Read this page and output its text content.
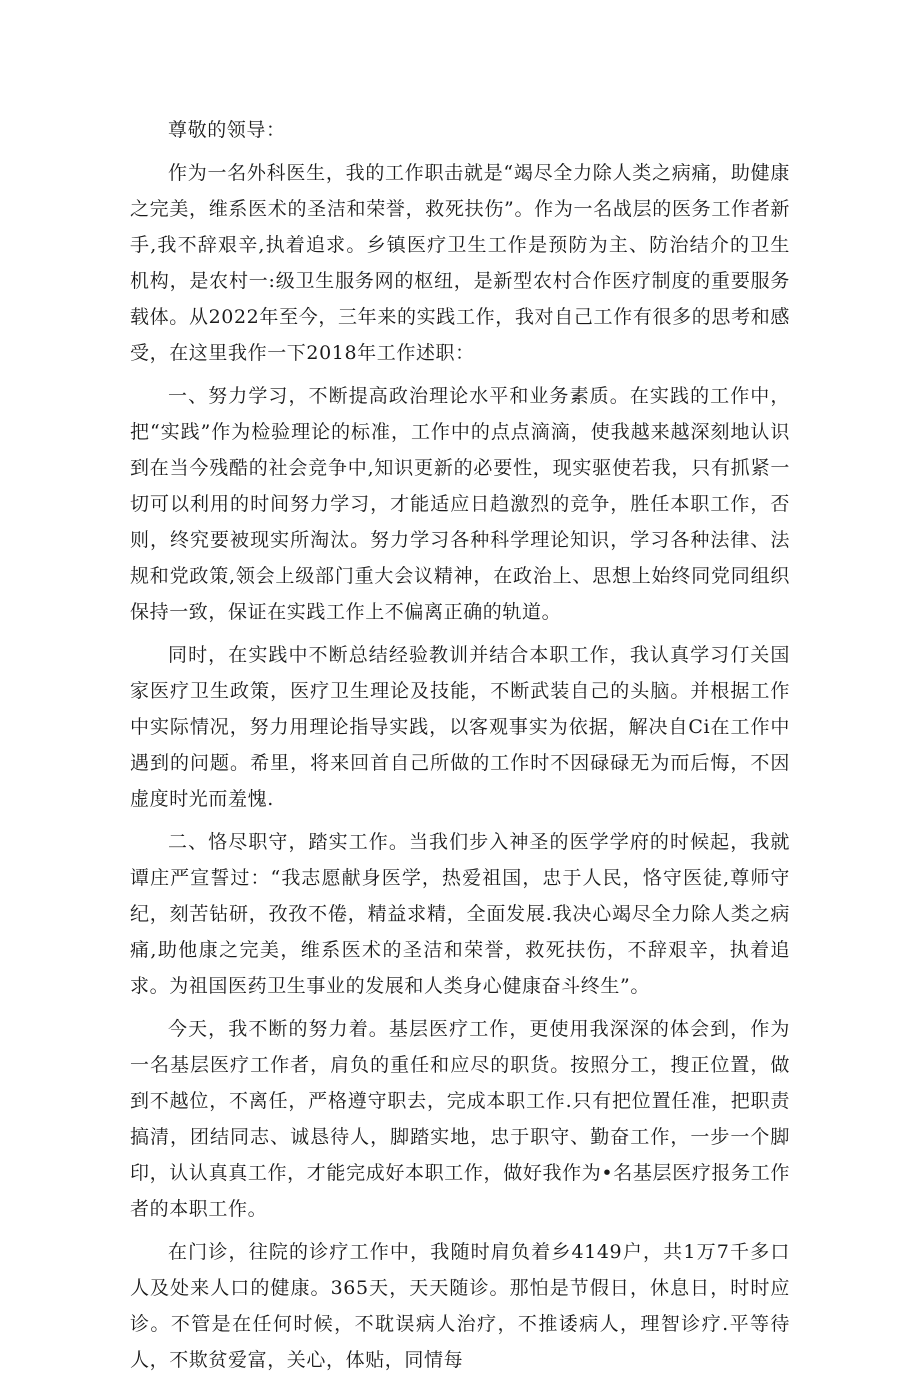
尊敬的领导：

作为一名外科医生，我的工作职击就是“竭尽全力除人类之病痛，助健康之完美，维系医术的圣洁和荣誉，救死扶伤”。作为一名战层的医务工作者新手,我不辞艰辛,执着追求。乡镇医疗卫生工作是预防为主、防治结介的卫生机构，是农村一:级卫生服务网的枢纽，是新型农村合作医疗制度的重要服务载体。从2022年至今，三年来的实践工作，我对自己工作有很多的思考和感受，在这里我作一下2018年工作述职：

一、努力学习，不断提高政治理论水平和业务素质。在实践的工作中，把“实践”作为检验理论的标准，工作中的点点滴滴，使我越来越深刻地认识到在当今残酷的社会竞争中,知识更新的必要性，现实驱使若我，只有抓紧一切可以利用的时间努力学习，才能适应日趋激烈的竞争，胜任本职工作，否则，终究要被现实所淘汰。努力学习各种科学理论知识，学习各种法律、法规和党政策,领会上级部门重大会议精神，在政治上、思想上始终同党同组织保持一致，保证在实践工作上不偏离正确的轨道。

同时，在实践中不断总结经验教训并结合本职工作，我认真学习仃关国家医疗卫生政策，医疗卫生理论及技能，不断武装自己的头脑。并根据工作中实际情况，努力用理论指导实践，以客观事实为依据，解决自Ci在工作中遇到的问题。希里，将来回首自己所做的工作时不因碌碌无为而后悔，不因虚度时光而羞愧.

二、恪尽职守，踏实工作。当我们步入神圣的医学学府的时候起，我就谭庄严宣誓过：“我志愿献身医学，热爱祖国，忠于人民，恪守医徒,尊师守纪，刻苦钻研，孜孜不倦，精益求精，全面发展.我决心竭尽全力除人类之病痛,助他康之完美，维系医术的圣洁和荣誉，救死扶伤，不辞艰辛，执着追求。为祖国医药卫生事业的发展和人类身心健康奋斗终生”。

今天，我不断的努力着。基层医疗工作，更使用我深深的体会到，作为一名基层医疗工作者，肩负的重任和应尽的职货。按照分工，搜正位置，做到不越位，不离任，严格遵守职去，完成本职工作.只有把位置任准，把职责搞清，团结同志、诚恳待人，脚踏实地，忠于职守、勤奋工作，一步一个脚印，认认真真工作，才能完成好本职工作，做好我作为•名基层医疗报务工作者的本职工作。

在门诊，往院的诊疗工作中，我随时肩负着乡4149户，共1万7千多口人及处来人口的健康。365天，天天随诊。那怕是节假日，休息日，时时应诊。不管是在任何时候，不耽误病人治疗，不推诿病人，理智诊疗.平等待人，不欺贫爱富，关心，体贴，同情每
